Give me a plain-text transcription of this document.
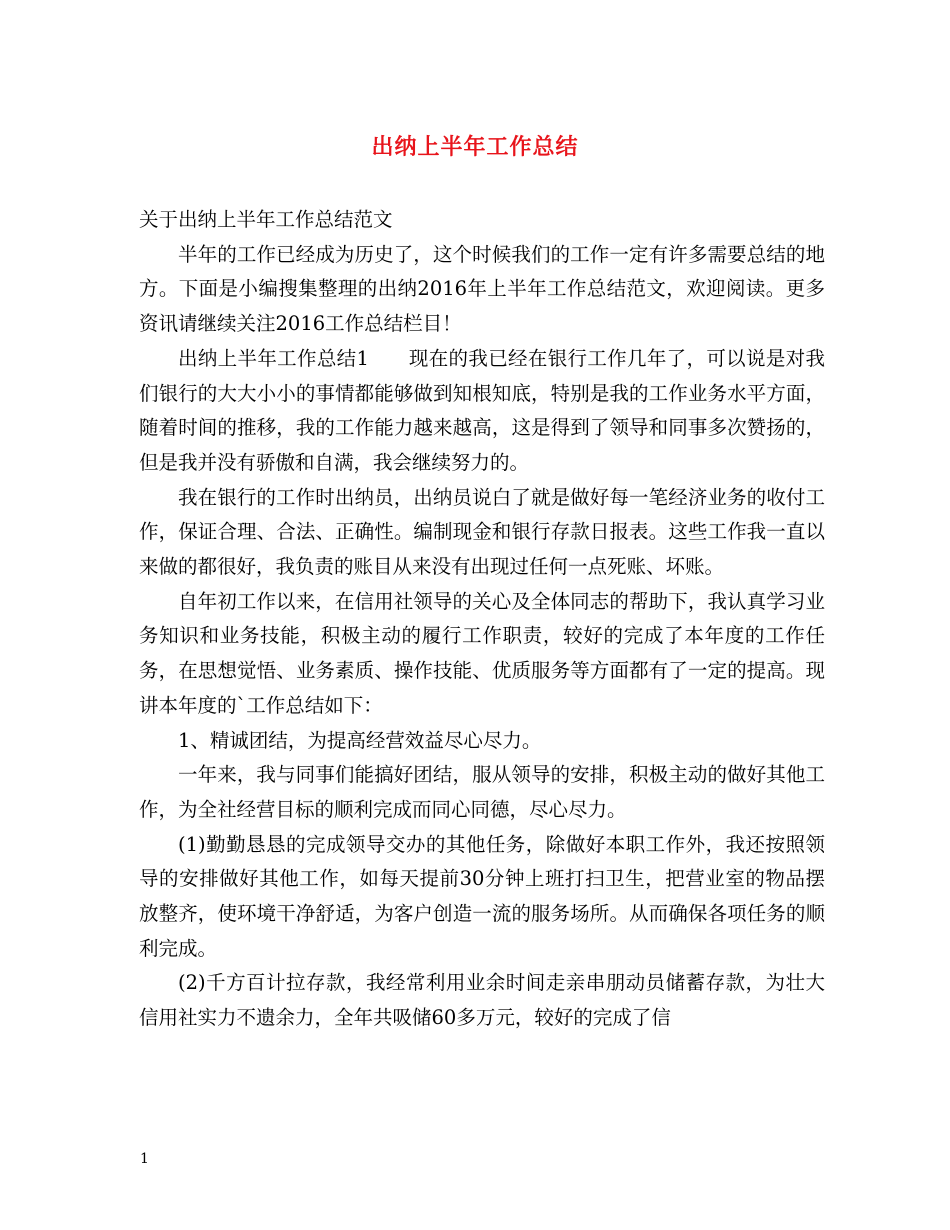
出纳上半年工作总结

关于出纳上半年工作总结范文

半年的工作已经成为历史了，这个时候我们的工作一定有许多需要总结的地方。下面是小编搜集整理的出纳2016年上半年工作总结范文，欢迎阅读。更多资讯请继续关注2016工作总结栏目！

出纳上半年工作总结1　　现在的我已经在银行工作几年了，可以说是对我们银行的大大小小的事情都能够做到知根知底，特别是我的工作业务水平方面，随着时间的推移，我的工作能力越来越高，这是得到了领导和同事多次赞扬的，但是我并没有骄傲和自满，我会继续努力的。

我在银行的工作时出纳员，出纳员说白了就是做好每一笔经济业务的收付工作，保证合理、合法、正确性。编制现金和银行存款日报表。这些工作我一直以来做的都很好，我负责的账目从来没有出现过任何一点死账、坏账。

自年初工作以来，在信用社领导的关心及全体同志的帮助下，我认真学习业务知识和业务技能，积极主动的履行工作职责，较好的完成了本年度的工作任务，在思想觉悟、业务素质、操作技能、优质服务等方面都有了一定的提高。现讲本年度的`工作总结如下：

1、精诚团结，为提高经营效益尽心尽力。

一年来，我与同事们能搞好团结，服从领导的安排，积极主动的做好其他工作，为全社经营目标的顺利完成而同心同德，尽心尽力。

(1)勤勤恳恳的完成领导交办的其他任务，除做好本职工作外，我还按照领导的安排做好其他工作，如每天提前30分钟上班打扫卫生，把营业室的物品摆放整齐，使环境干净舒适，为客户创造一流的服务场所。从而确保各项任务的顺利完成。

(2)千方百计拉存款，我经常利用业余时间走亲串朋动员储蓄存款，为壮大信用社实力不遗余力，全年共吸储60多万元，较好的完成了信

1
